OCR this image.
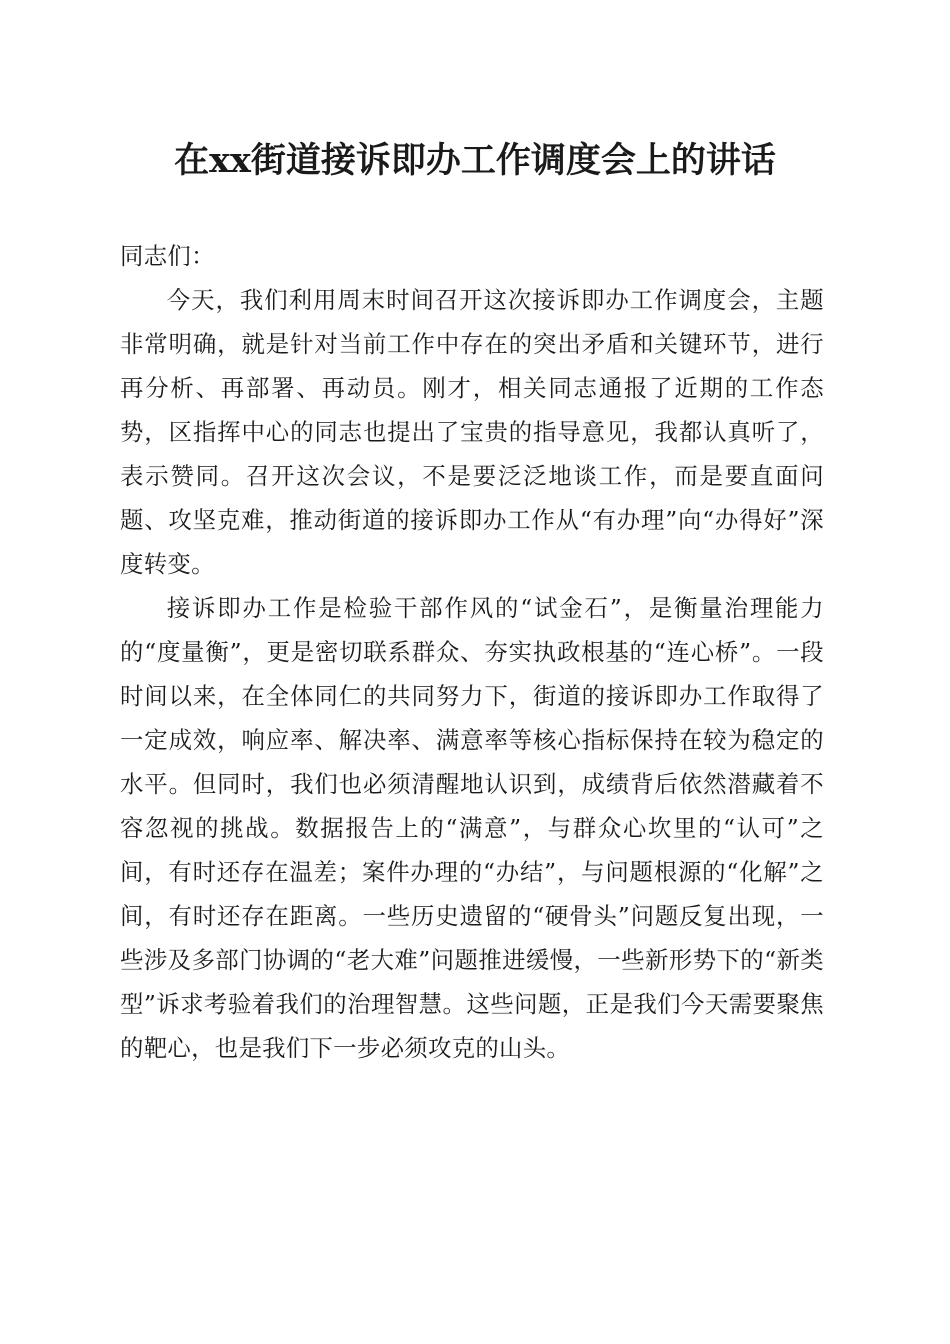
在xx街道接诉即办工作调度会上的讲话

同志们：

今天，我们利用周末时间召开这次接诉即办工作调度会，主题非常明确，就是针对当前工作中存在的突出矛盾和关键环节，进行再分析、再部署、再动员。刚才，相关同志通报了近期的工作态势，区指挥中心的同志也提出了宝贵的指导意见，我都认真听了，表示赞同。召开这次会议，不是要泛泛地谈工作，而是要直面问题、攻坚克难，推动街道的接诉即办工作从“有办理”向“办得好”深度转变。

接诉即办工作是检验干部作风的“试金石”，是衡量治理能力的“度量衡”，更是密切联系群众、夯实执政根基的“连心桥”。一段时间以来，在全体同仁的共同努力下，街道的接诉即办工作取得了一定成效，响应率、解决率、满意率等核心指标保持在较为稳定的水平。但同时，我们也必须清醒地认识到，成绩背后依然潜藏着不容忽视的挑战。数据报告上的“满意”，与群众心坎里的“认可”之间，有时还存在温差；案件办理的“办结”，与问题根源的“化解”之间，有时还存在距离。一些历史遗留的“硬骨头”问题反复出现，一些涉及多部门协调的“老大难”问题推进缓慢，一些新形势下的“新类型”诉求考验着我们的治理智慧。这些问题，正是我们今天需要聚焦的靶心，也是我们下一步必须攻克的山头。
